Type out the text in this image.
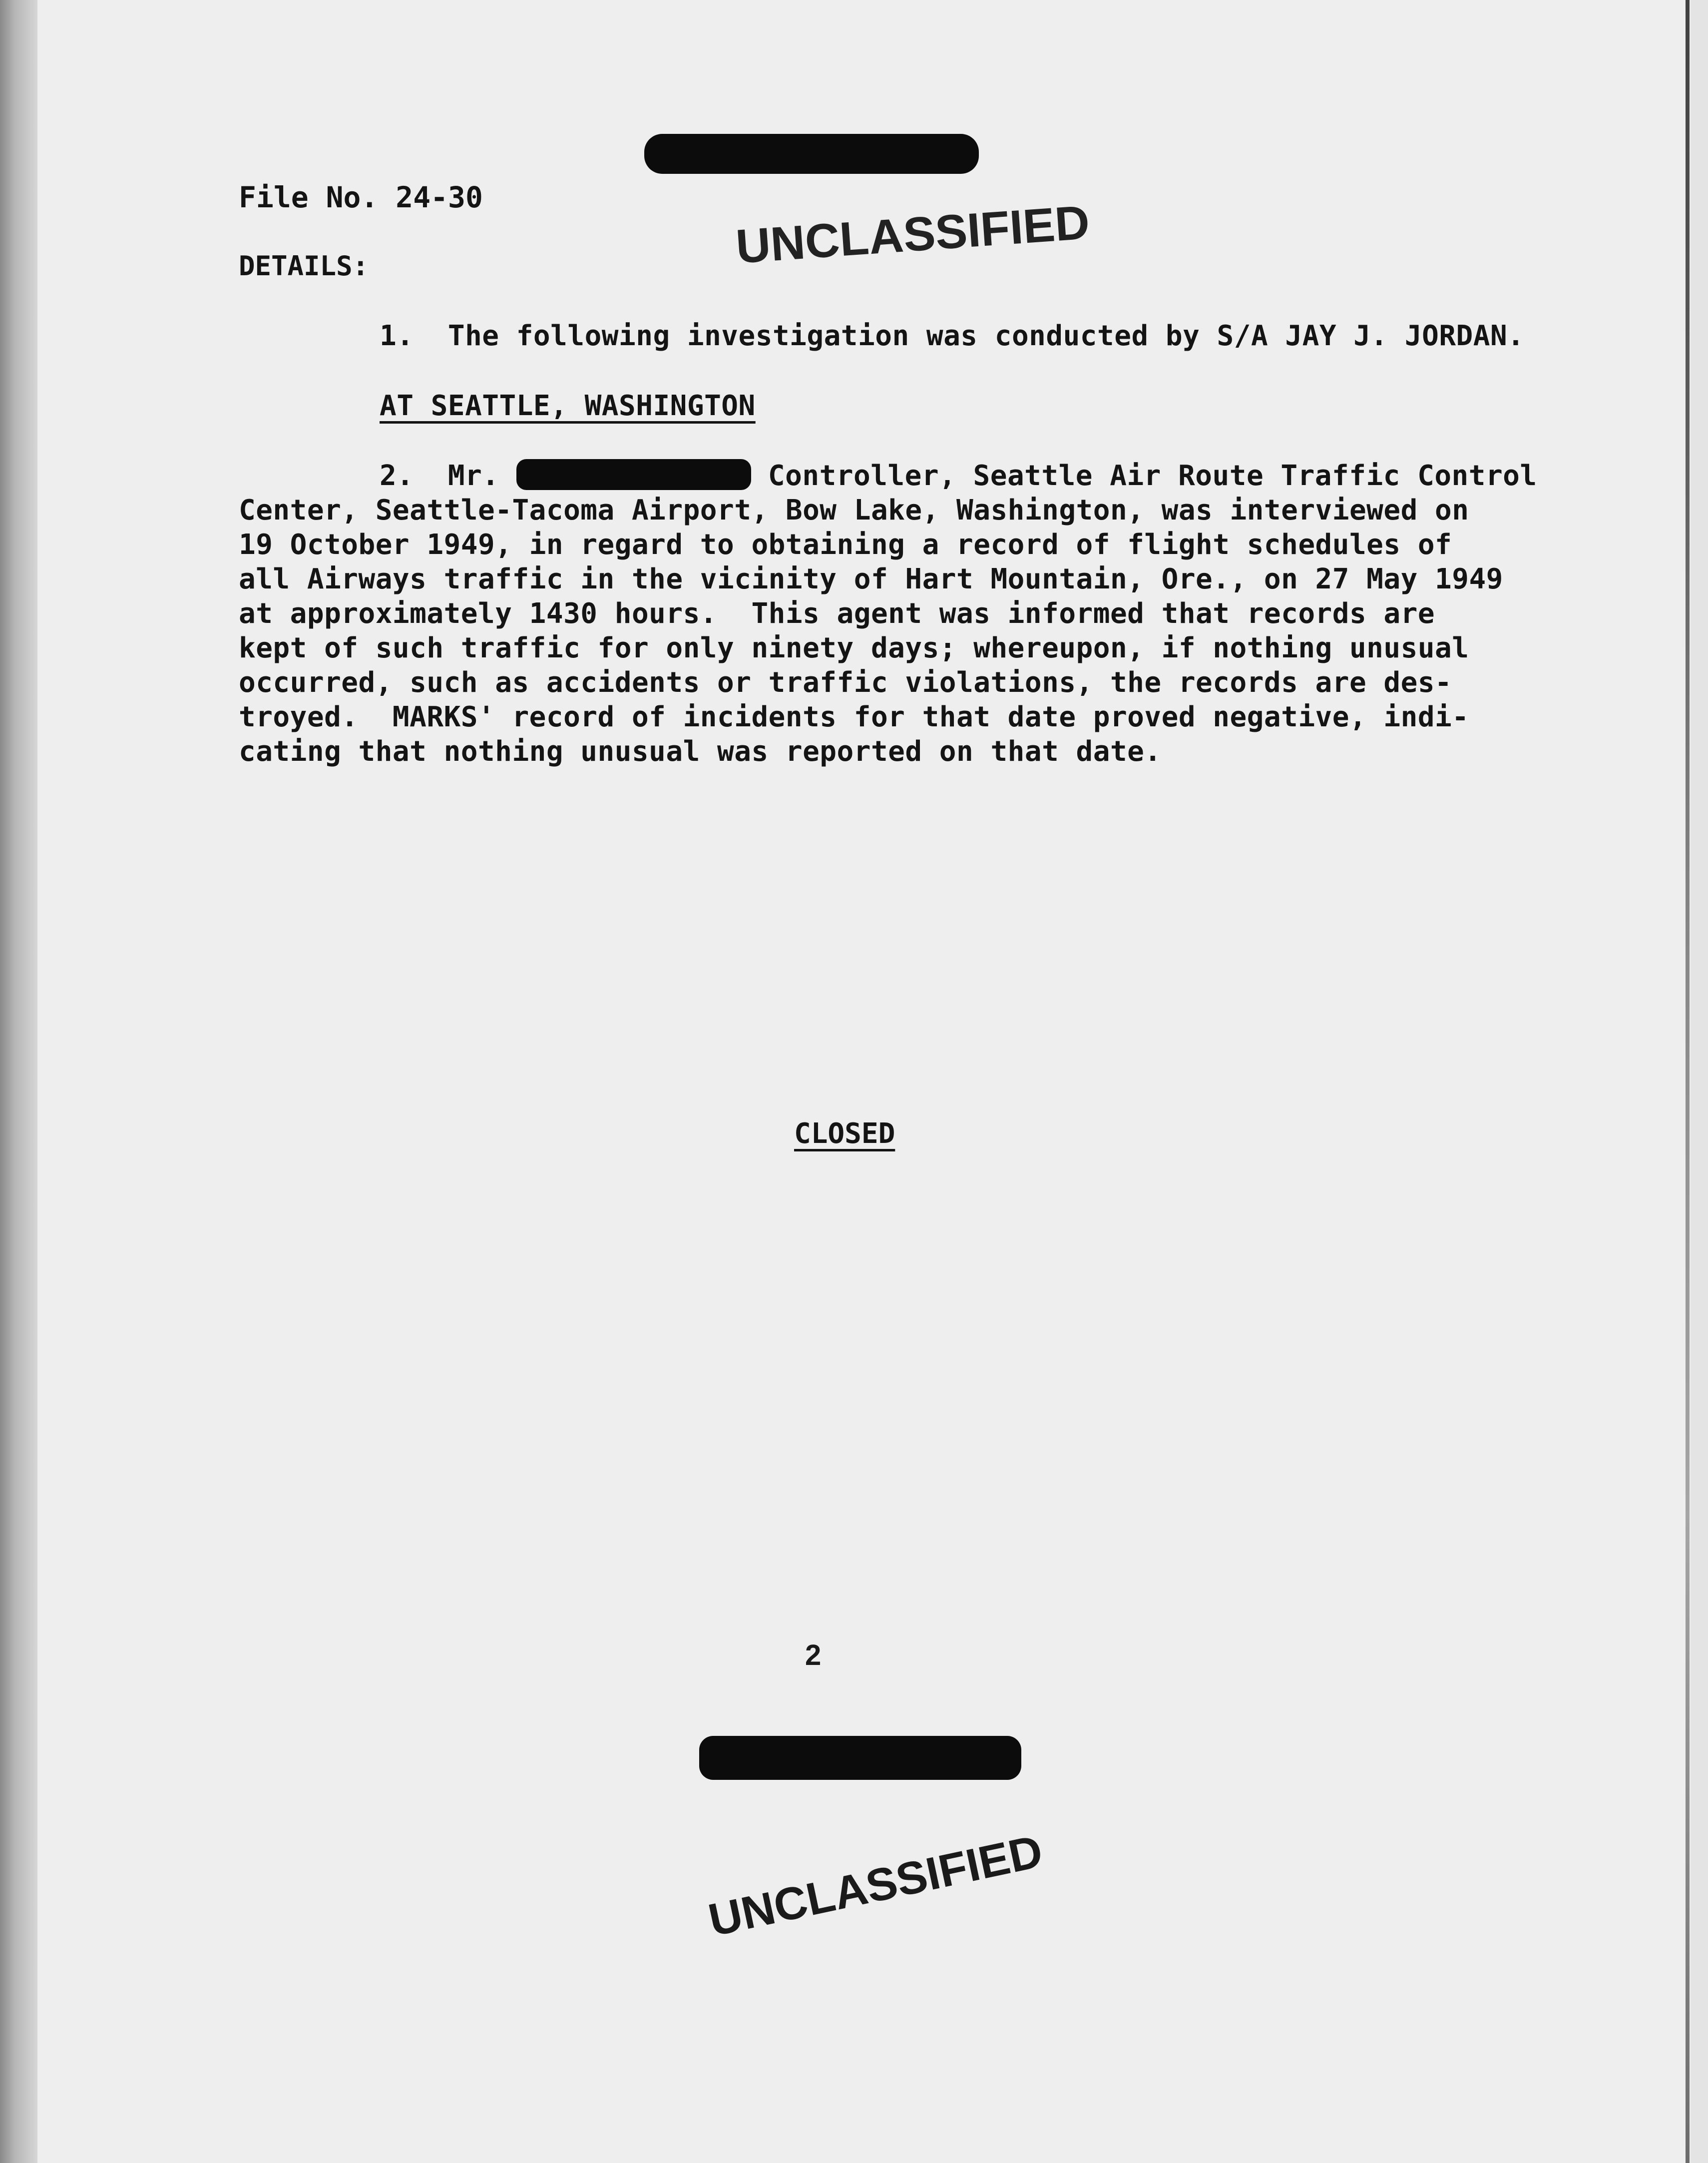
File No. 24-30
DETAILS:	UNCLASSIFIED
1.  The following investigation was conducted by S/A JAY J. JORDAN.
AT SEATTLE, WASHINGTON
2.  Mr.	Controller, Seattle Air Route Traffic Control
Center, Seattle-Tacoma Airport, Bow Lake, Washington, was interviewed on
19 October 1949, in regard to obtaining a record of flight schedules of
all Airways traffic in the vicinity of Hart Mountain, Ore., on 27 May 1949
at approximately 1430 hours.  This agent was informed that records are
kept of such traffic for only ninety days; whereupon, if nothing unusual
occurred, such as accidents or traffic violations, the records are des-
troyed.  MARKS' record of incidents for that date proved negative, indi-
cating that nothing unusual was reported on that date.
CLOSED
2
UNCLASSIFIED
